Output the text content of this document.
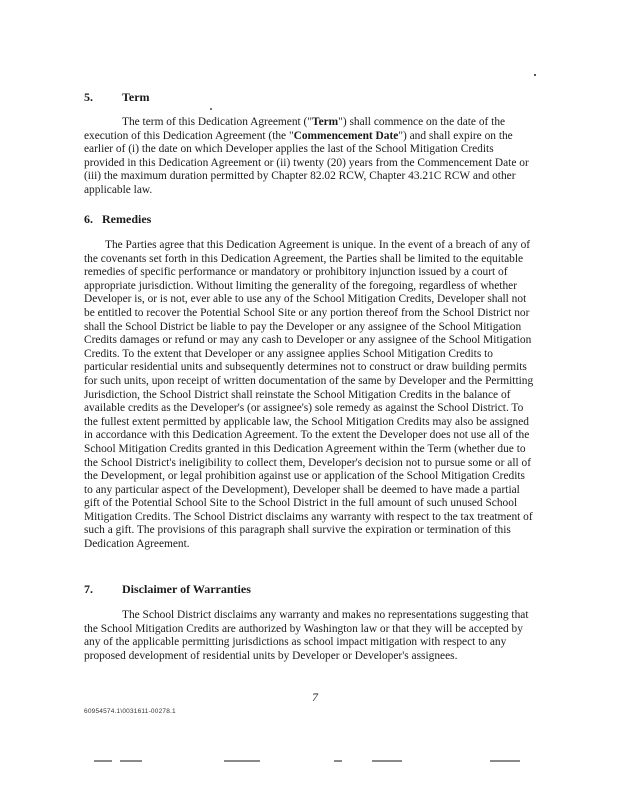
5.	Term

The term of this Dedication Agreement ("Term") shall commence on the date of the execution of this Dedication Agreement (the "Commencement Date") and shall expire on the earlier of (i) the date on which Developer applies the last of the School Mitigation Credits provided in this Dedication Agreement or (ii) twenty (20) years from the Commencement Date or (iii) the maximum duration permitted by Chapter 82.02 RCW, Chapter 43.21C RCW and other applicable law.

6. Remedies

The Parties agree that this Dedication Agreement is unique. In the event of a breach of any of the covenants set forth in this Dedication Agreement, the Parties shall be limited to the equitable remedies of specific performance or mandatory or prohibitory injunction issued by a court of appropriate jurisdiction. Without limiting the generality of the foregoing, regardless of whether Developer is, or is not, ever able to use any of the School Mitigation Credits, Developer shall not be entitled to recover the Potential School Site or any portion thereof from the School District nor shall the School District be liable to pay the Developer or any assignee of the School Mitigation Credits damages or refund or may any cash to Developer or any assignee of the School Mitigation Credits. To the extent that Developer or any assignee applies School Mitigation Credits to particular residential units and subsequently determines not to construct or draw building permits for such units, upon receipt of written documentation of the same by Developer and the Permitting Jurisdiction, the School District shall reinstate the School Mitigation Credits in the balance of available credits as the Developer's (or assignee's) sole remedy as against the School District. To the fullest extent permitted by applicable law, the School Mitigation Credits may also be assigned in accordance with this Dedication Agreement. To the extent the Developer does not use all of the School Mitigation Credits granted in this Dedication Agreement within the Term (whether due to the School District's ineligibility to collect them, Developer's decision not to pursue some or all of the Development, or legal prohibition against use or application of the School Mitigation Credits to any particular aspect of the Development), Developer shall be deemed to have made a partial gift of the Potential School Site to the School District in the full amount of such unused School Mitigation Credits. The School District disclaims any warranty with respect to the tax treatment of such a gift. The provisions of this paragraph shall survive the expiration or termination of this Dedication Agreement.

7.	Disclaimer of Warranties

The School District disclaims any warranty and makes no representations suggesting that the School Mitigation Credits are authorized by Washington law or that they will be accepted by any of the applicable permitting jurisdictions as school impact mitigation with respect to any proposed development of residential units by Developer or Developer's assignees.

7
60954574.1\0031611-00278.1
